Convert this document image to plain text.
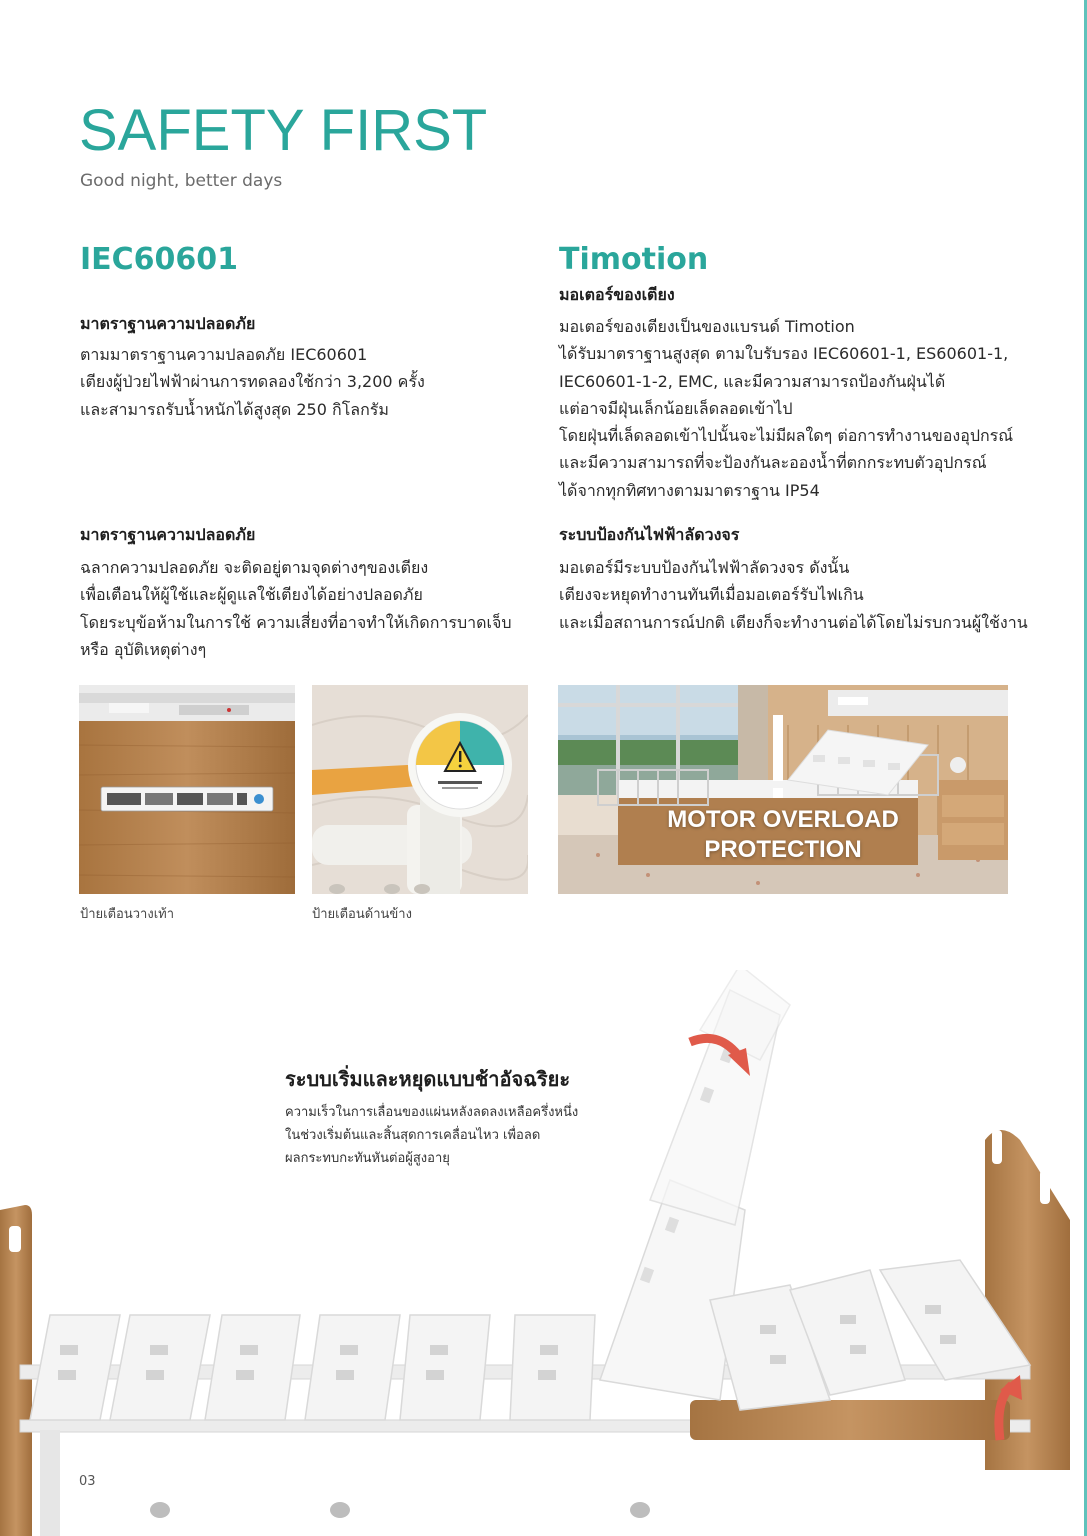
SAFETY FIRST
Good night, better days
IEC60601
มาตราฐานความปลอดภัย
ตามมาตราฐานความปลอดภัย IEC60601
เตียงผู้ป่วยไฟฟ้าผ่านการทดลองใช้กว่า 3,200 ครั้ง
และสามารถรับน้ำหนักได้สูงสุด 250 กิโลกรัม
มาตราฐานความปลอดภัย
ฉลากความปลอดภัย จะติดอยู่ตามจุดต่างๆของเตียง
เพื่อเตือนให้ผู้ใช้และผู้ดูแลใช้เตียงได้อย่างปลอดภัย
โดยระบุข้อห้ามในการใช้ ความเสี่ยงที่อาจทำให้เกิดการบาดเจ็บ
หรือ อุบัติเหตุต่างๆ
Timotion
มอเตอร์ของเตียง
มอเตอร์ของเตียงเป็นของแบรนด์ Timotion
ได้รับมาตราฐานสูงสุด ตามใบรับรอง IEC60601-1, ES60601-1,
IEC60601-1-2, EMC, และมีความสามารถป้องกันฝุ่นได้
แต่อาจมีฝุ่นเล็กน้อยเล็ดลอดเข้าไป
โดยฝุ่นที่เล็ดลอดเข้าไปนั้นจะไม่มีผลใดๆ ต่อการทำงานของอุปกรณ์
และมีความสามารถที่จะป้องกันละอองน้ำที่ตกกระทบตัวอุปกรณ์
ได้จากทุกทิศทางตามมาตราฐาน IP54
ระบบป้องกันไฟฟ้าลัดวงจร
มอเตอร์มีระบบป้องกันไฟฟ้าลัดวงจร ดังนั้น
เตียงจะหยุดทำงานทันทีเมื่อมอเตอร์รับไฟเกิน
และเมื่อสถานการณ์ปกติ เตียงก็จะทำงานต่อได้โดยไม่รบกวนผู้ใช้งาน
ป้ายเตือนวางเท้า	ป้ายเตือนด้านข้าง
MOTOR OVERLOAD
PROTECTION
ระบบเริ่มและหยุดแบบช้าอัจฉริยะ
ความเร็วในการเลื่อนของแผ่นหลังลดลงเหลือครึ่งหนึ่ง
ในช่วงเริ่มต้นและสิ้นสุดการเคลื่อนไหว เพื่อลด
ผลกระทบกะทันหันต่อผู้สูงอายุ
03
